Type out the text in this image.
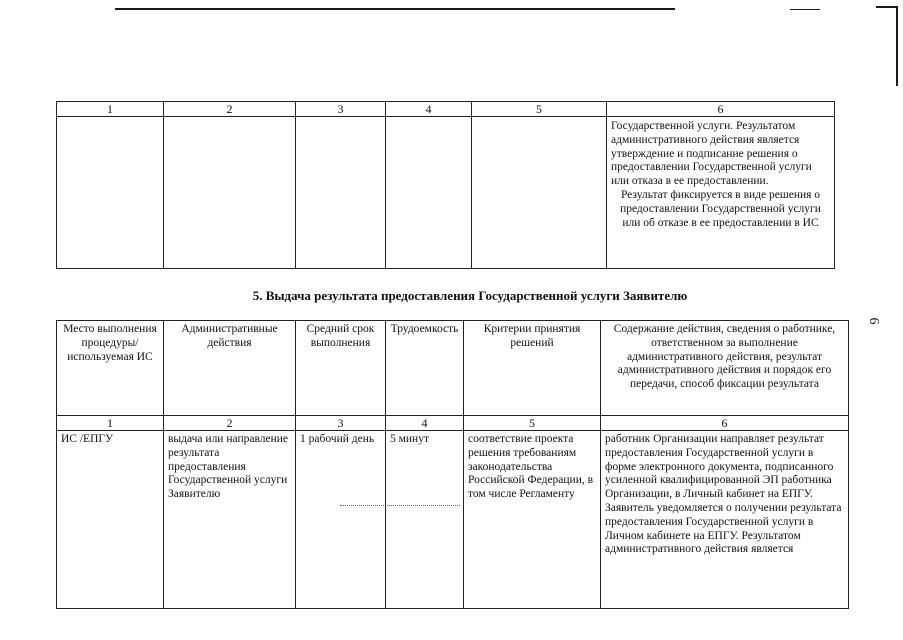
1	2	3	4	5	6

					Государственной услуги. Результатом административного действия является утверждение и подписание решения о предоставлении Государственной услуги или отказа в ее предоставлении.
Результат фиксируется в виде решения о предоставлении Государственной услуги или об отказе в ее предоставлении в ИС
5. Выдача результата предоставления Государственной услуги Заявителю
6
Место выполнения процедуры/ используемая ИС	Административные действия	Средний срок выполнения	Трудоемкость	Критерии принятия решений	Содержание действия, сведения о работнике, ответственном за выполнение административного действия, результат административного действия и порядок его передачи, способ фиксации результата
1	2	3	4	5	6
ИС /ЕПГУ	выдача или направление результата предоставления Государственной услуги Заявителю	1 рабочий день	5 минут	соответствие проекта решения требованиям законодательства Российской Федерации, в том числе Регламенту	работник Организации направляет результат предоставления Государственной услуги в форме электронного документа, подписанного усиленной квалифицированной ЭП работника Организации, в Личный кабинет на ЕПГУ.
Заявитель уведомляется о получении результата предоставления Государственной услуги в Личном кабинете на ЕПГУ. Результатом административного действия является
